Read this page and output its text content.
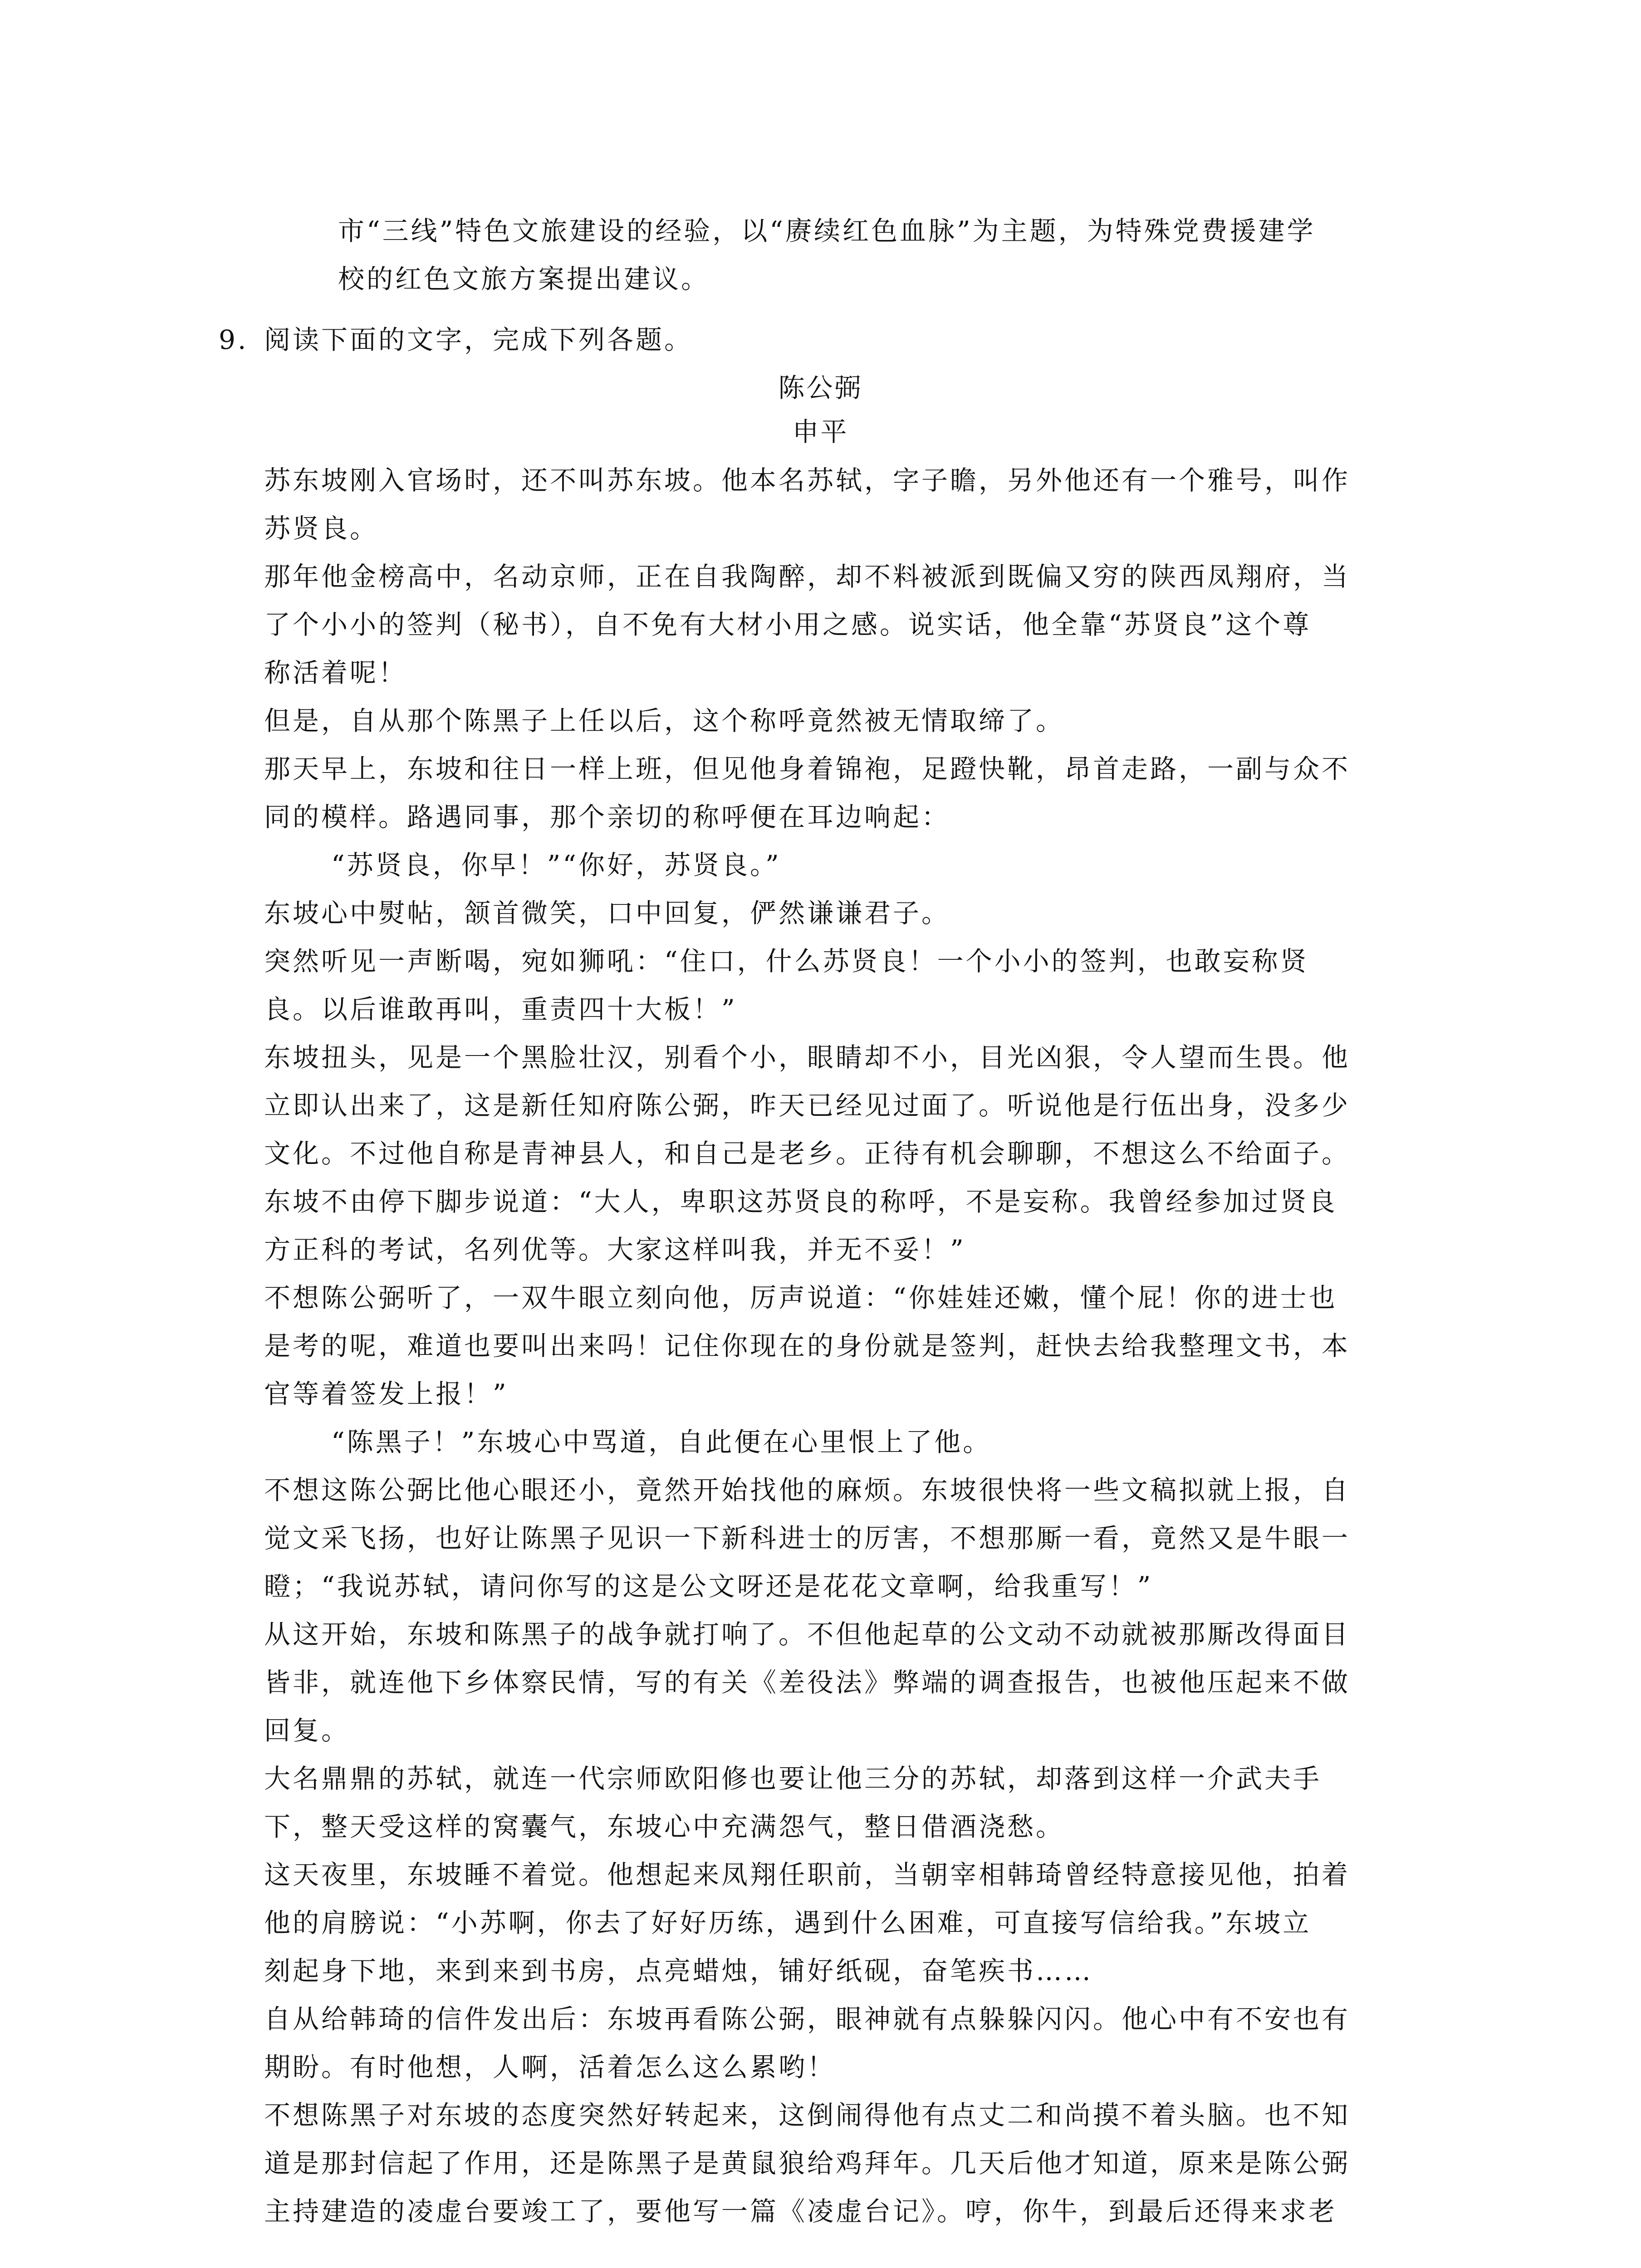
市“三线”特色文旅建设的经验，以“赓续红色血脉”为主题，为特殊党费援建学
校的红色文旅方案提出建议。
9. 阅读下面的文字，完成下列各题。
陈公弼
申平
苏东坡刚入官场时，还不叫苏东坡。他本名苏轼，字子瞻，另外他还有一个雅号，叫作
苏贤良。
那年他金榜高中，名动京师，正在自我陶醉，却不料被派到既偏又穷的陕西凤翔府，当
了个小小的签判（秘书），自不免有大材小用之感。说实话，他全靠“苏贤良”这个尊
称活着呢！
但是，自从那个陈黑子上任以后，这个称呼竟然被无情取缔了。
那天早上，东坡和往日一样上班，但见他身着锦袍，足蹬快靴，昂首走路，一副与众不
同的模样。路遇同事，那个亲切的称呼便在耳边响起：
“苏贤良，你早！”“你好，苏贤良。”
东坡心中熨帖，颔首微笑，口中回复，俨然谦谦君子。
突然听见一声断喝，宛如狮吼：“住口，什么苏贤良！一个小小的签判，也敢妄称贤
良。以后谁敢再叫，重责四十大板！”
东坡扭头，见是一个黑脸壮汉，别看个小，眼睛却不小，目光凶狠，令人望而生畏。他
立即认出来了，这是新任知府陈公弼，昨天已经见过面了。听说他是行伍出身，没多少
文化。不过他自称是青神县人，和自己是老乡。正待有机会聊聊，不想这么不给面子。
东坡不由停下脚步说道：“大人，卑职这苏贤良的称呼，不是妄称。我曾经参加过贤良
方正科的考试，名列优等。大家这样叫我，并无不妥！”
不想陈公弼听了，一双牛眼立刻向他，厉声说道：“你娃娃还嫩，懂个屁！你的进士也
是考的呢，难道也要叫出来吗！记住你现在的身份就是签判，赶快去给我整理文书，本
官等着签发上报！”
“陈黑子！”东坡心中骂道，自此便在心里恨上了他。
不想这陈公弼比他心眼还小，竟然开始找他的麻烦。东坡很快将一些文稿拟就上报，自
觉文采飞扬，也好让陈黑子见识一下新科进士的厉害，不想那厮一看，竟然又是牛眼一
瞪；“我说苏轼，请问你写的这是公文呀还是花花文章啊，给我重写！”
从这开始，东坡和陈黑子的战争就打响了。不但他起草的公文动不动就被那厮改得面目
皆非，就连他下乡体察民情，写的有关《差役法》弊端的调查报告，也被他压起来不做
回复。
大名鼎鼎的苏轼，就连一代宗师欧阳修也要让他三分的苏轼，却落到这样一介武夫手
下，整天受这样的窝囊气，东坡心中充满怨气，整日借酒浇愁。
这天夜里，东坡睡不着觉。他想起来凤翔任职前，当朝宰相韩琦曾经特意接见他，拍着
他的肩膀说：“小苏啊，你去了好好历练，遇到什么困难，可直接写信给我。”东坡立
刻起身下地，来到来到书房，点亮蜡烛，铺好纸砚，奋笔疾书……
自从给韩琦的信件发出后：东坡再看陈公弼，眼神就有点躲躲闪闪。他心中有不安也有
期盼。有时他想，人啊，活着怎么这么累哟！
不想陈黑子对东坡的态度突然好转起来，这倒闹得他有点丈二和尚摸不着头脑。也不知
道是那封信起了作用，还是陈黑子是黄鼠狼给鸡拜年。几天后他才知道，原来是陈公弼
主持建造的凌虚台要竣工了，要他写一篇《凌虚台记》。哼，你牛，到最后还得来求老
